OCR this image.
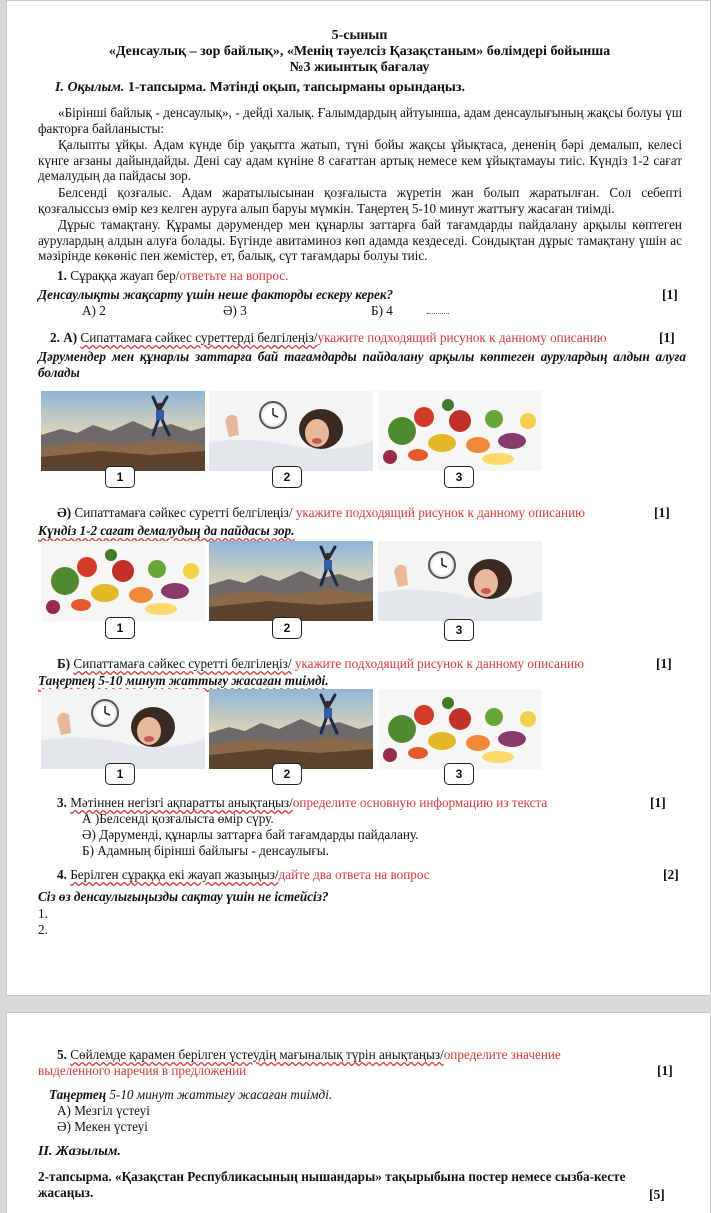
5-сынып
«Денсаулық – зор байлық», «Менің тәуелсіз Қазақстаным» бөлімдері бойынша
№3 жиынтық бағалау
I. Оқылым. 1-тапсырма. Мәтінді оқып, тапсырманы орындаңыз.
«Бірінші байлық - денсаулық», - дейді халық. Ғалымдардың айтуынша, адам денсаулығының жақсы болуы үш факторға байланысты:
Қалыпты ұйқы. Адам күнде бір уақытта жатып, түні бойы жақсы ұйықтаса, дененің бәрі демалып, келесі күнге ағзаны дайындайды. Дені сау адам күніне 8 сағаттан артық немесе кем ұйықтамауы тиіс. Күндіз 1-2 сағат демалудың да пайдасы зор.
Белсенді қозғалыс. Адам жаратылысынан қозғалыста жүретін жан болып жаратылған. Сол себепті қозғалыссыз өмір кез келген ауруға алып баруы мүмкін. Таңертең 5-10 минут жаттығу жасаған тиімді.
Дұрыс тамақтану. Құрамы дәрумендер мен құнарлы заттарға бай тағамдарды пайдалану арқылы көптеген аурулардың алдын алуға болады. Бүгінде авитаминоз көп адамда кездеседі. Сондықтан дұрыс тамақтану үшін ас мәзірінде көкөніс пен жемістер, ет, балық, сүт тағамдары болуы тиіс.
1. Сұраққа жауап бер/ответьте на вопрос.
Денсаулықты жақсарту үшін неше факторды ескеру керек?	[1]
А) 2	Ә) 3	Б) 4
2. А) Сипаттамаға сәйкес суреттерді белгілеңіз/укажите подходящий рисунок к данному описанию	[1]
Дәрумендер мен құнарлы заттарға бай тағамдарды пайдалану арқылы көптеген аурулардың алдын алуға болады
1	2	3
Ә) Сипаттамаға сәйкес суретті белгілеңіз/ укажите подходящий рисунок к данному описанию	[1]
Күндіз 1-2 сағат демалудың да пайдасы зор.
1	2	3
Б) Сипаттамаға сәйкес суретті белгілеңіз/ укажите подходящий рисунок к данному описанию	[1]
Таңертең 5-10 минут жаттығу жасаған тиімді.
1	2	3
3. Мәтіннен негізгі ақпаратты анықтаңыз/определите основную информацию из текста	[1]
А )Белсенді қозғалыста өмір сүру.
Ә) Дәрумендi, құнарлы заттарға бай тағамдарды пайдалану.
Б) Адамның бірінші байлығы - денсаулығы.
4. Берілген сұраққа екі жауап жазыңыз/дайте два ответа на вопрос	[2]
Сіз өз денсаулығыңызды сақтау үшін не істейсіз?
1.
2.
5. Сөйлемде қарамен берілген үстеудің мағыналық түрін анықтаңыз/определите значение
выделенного наречия в предложении	[1]
Таңертең 5-10 минут жаттығу жасаған тиімді.
А) Мезгіл үстеуі
Ә) Мекен үстеуі
II. Жазылым.
2-тапсырма. «Қазақстан Республикасының нышандары» тақырыбына постер немесе сызба-кесте
жасаңыз.	[5]
